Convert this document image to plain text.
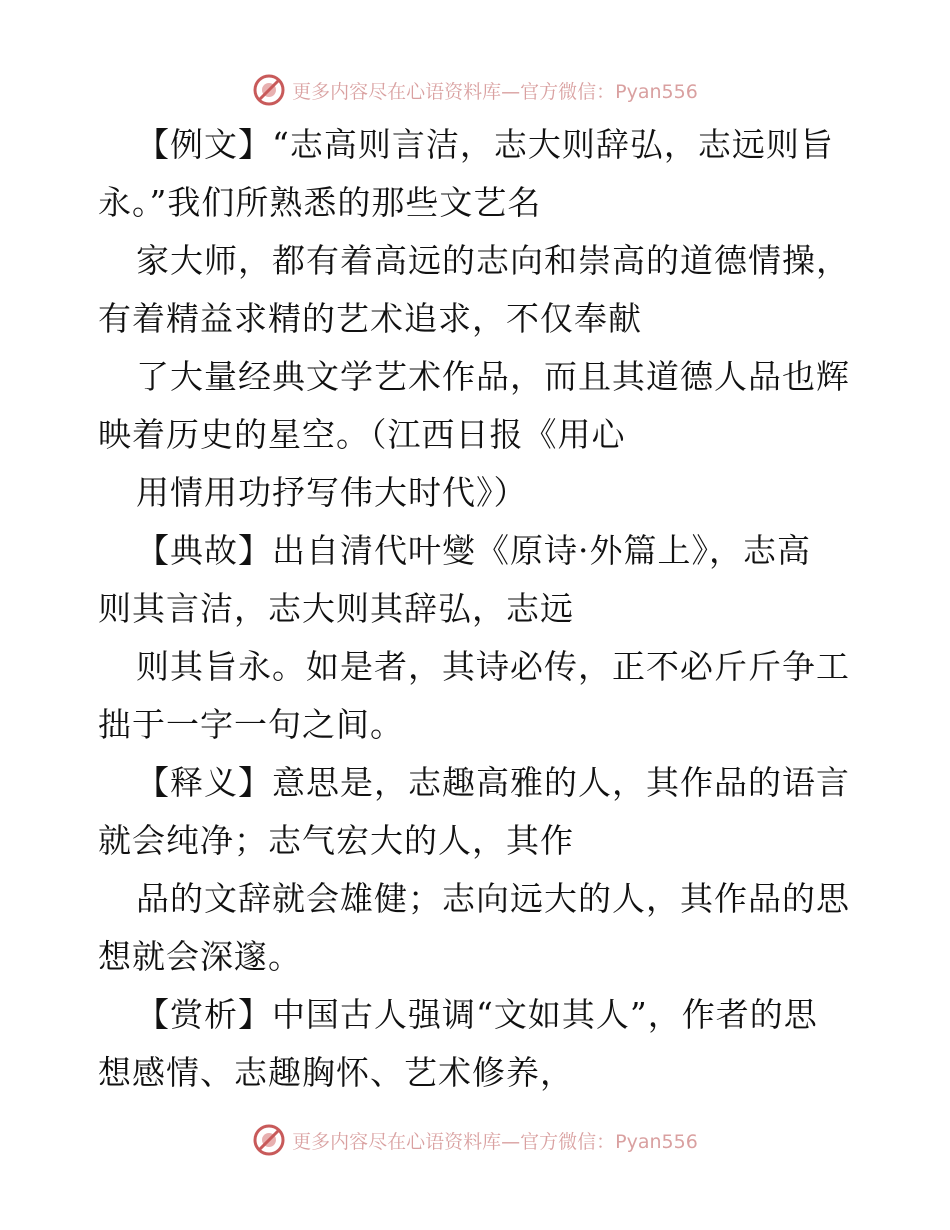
更多内容尽在心语资料库—官方微信：Pyan556
【例文】“志高则言洁，志大则辞弘，志远则旨
永。”我们所熟悉的那些文艺名
家大师，都有着高远的志向和崇高的道德情操，
有着精益求精的艺术追求，不仅奉献
了大量经典文学艺术作品，而且其道德人品也辉
映着历史的星空。（江西日报《用心
用情用功抒写伟大时代》）
【典故】出自清代叶燮《原诗·外篇上》，志高
则其言洁，志大则其辞弘，志远
则其旨永。如是者，其诗必传，正不必斤斤争工
拙于一字一句之间。
【释义】意思是，志趣高雅的人，其作品的语言
就会纯净；志气宏大的人，其作
品的文辞就会雄健；志向远大的人，其作品的思
想就会深邃。
【赏析】中国古人强调“文如其人”，作者的思
想感情、志趣胸怀、艺术修养，
更多内容尽在心语资料库—官方微信：Pyan556
